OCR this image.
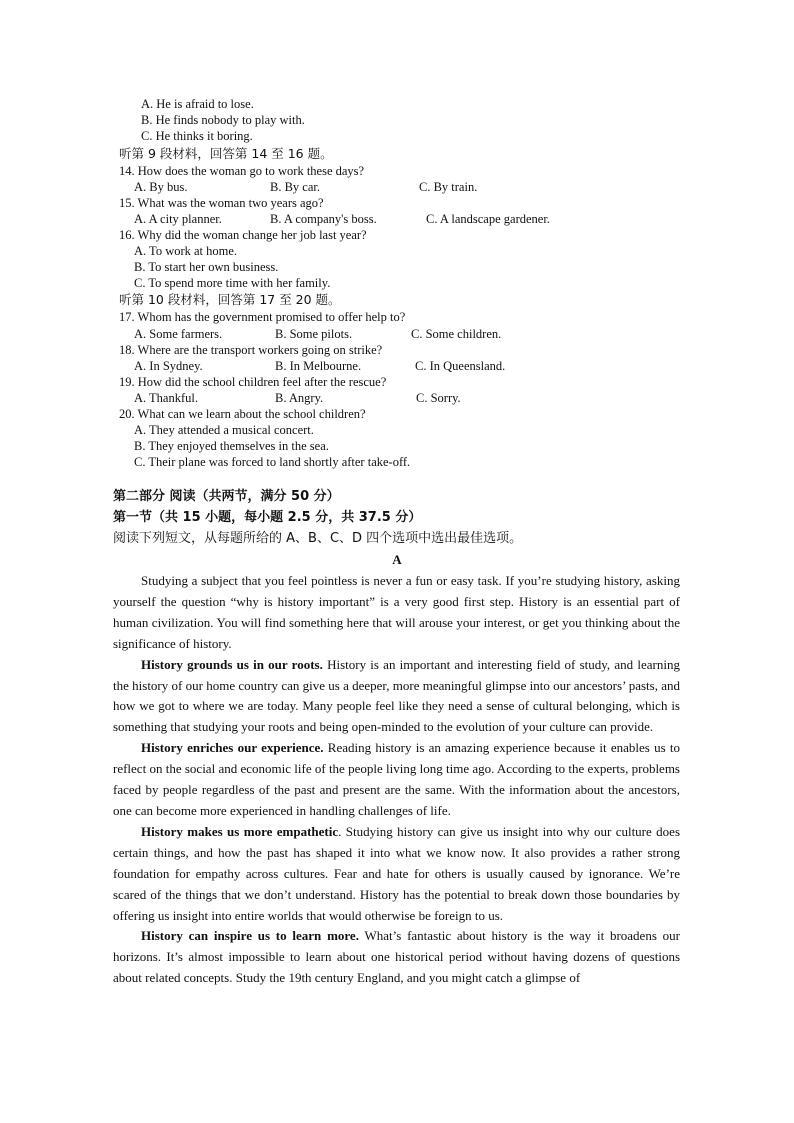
A. He is afraid to lose.
B. He finds nobody to play with.
C. He thinks it boring.
听第 9 段材料，回答第 14 至 16 题。
14. How does the woman go to work these days?
A. By bus.	B. By car.	C. By train.
15. What was the woman two years ago?
A. A city planner.	B. A company's boss.	C. A landscape gardener.
16. Why did the woman change her job last year?
A. To work at home.
B. To start her own business.
C. To spend more time with her family.
听第 10 段材料，回答第 17 至 20 题。
17. Whom has the government promised to offer help to?
A. Some farmers.	B. Some pilots.	C. Some children.
18. Where are the transport workers going on strike?
A. In Sydney.	B. In Melbourne.	C. In Queensland.
19. How did the school children feel after the rescue?
A. Thankful.	B. Angry.	C. Sorry.
20. What can we learn about the school children?
A. They attended a musical concert.
B. They enjoyed themselves in the sea.
C. Their plane was forced to land shortly after take-off.
第二部分 阅读（共两节，满分 50 分）
第一节（共 15 小题，每小题 2.5 分，共 37.5 分）
阅读下列短文，从每题所给的 A、B、C、D 四个选项中选出最佳选项。
A

Studying a subject that you feel pointless is never a fun or easy task. If you’re studying history, asking yourself the question “why is history important” is a very good first step. History is an essential part of human civilization. You will find something here that will arouse your interest, or get you thinking about the significance of history.

History grounds us in our roots. History is an important and interesting field of study, and learning the history of our home country can give us a deeper, more meaningful glimpse into our ancestors’ pasts, and how we got to where we are today. Many people feel like they need a sense of cultural belonging, which is something that studying your roots and being open-minded to the evolution of your culture can provide.

History enriches our experience. Reading history is an amazing experience because it enables us to reflect on the social and economic life of the people living long time ago. According to the experts, problems faced by people regardless of the past and present are the same. With the information about the ancestors, one can become more experienced in handling challenges of life.

History makes us more empathetic. Studying history can give us insight into why our culture does certain things, and how the past has shaped it into what we know now. It also provides a rather strong foundation for empathy across cultures. Fear and hate for others is usually caused by ignorance. We’re scared of the things that we don’t understand. History has the potential to break down those boundaries by offering us insight into entire worlds that would otherwise be foreign to us.

History can inspire us to learn more. What’s fantastic about history is the way it broadens our horizons. It’s almost impossible to learn about one historical period without having dozens of questions about related concepts. Study the 19th century England, and you might catch a glimpse of
